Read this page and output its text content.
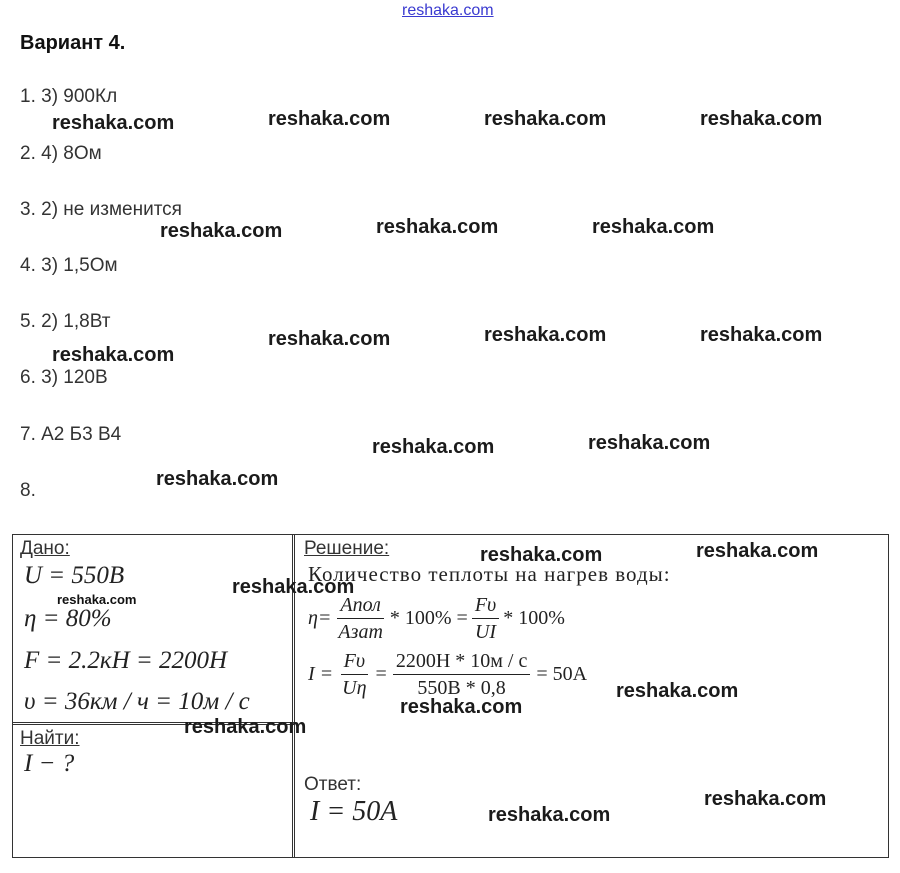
reshaka.com
Вариант 4.
1. 3) 900Кл
2. 4) 8Ом
3. 2) не изменится
4. 3) 1,5Ом
5. 2) 1,8Вт
6. 3) 120В
7. А2 Б3 В4
8.
reshaka.com	reshaka.com	reshaka.com	reshaka.com
reshaka.com	reshaka.com	reshaka.com
reshaka.com	reshaka.com	reshaka.com
reshaka.com
reshaka.com	reshaka.com
reshaka.com
Дано:
U = 550B
η = 80%
F = 2.2кH = 2200H
υ = 36км / ч = 10м / с
Найти:
I − ?
Решение:
Количество теплоты на нагрев воды:
$\eta= \frac{\text{Aпол}}{\text{Aзат}} * 100\% = \frac{F\upsilon}{UI} * 100\%$
$I = \frac{F\upsilon}{U\eta} = \frac{2200H * 10м / с}{550B * 0,8} = 50A$
Ответ:
I = 50A
reshaka.com	reshaka.com
reshaka.com
reshaka.com
reshaka.com
reshaka.com
reshaka.com
reshaka.com
reshaka.com
